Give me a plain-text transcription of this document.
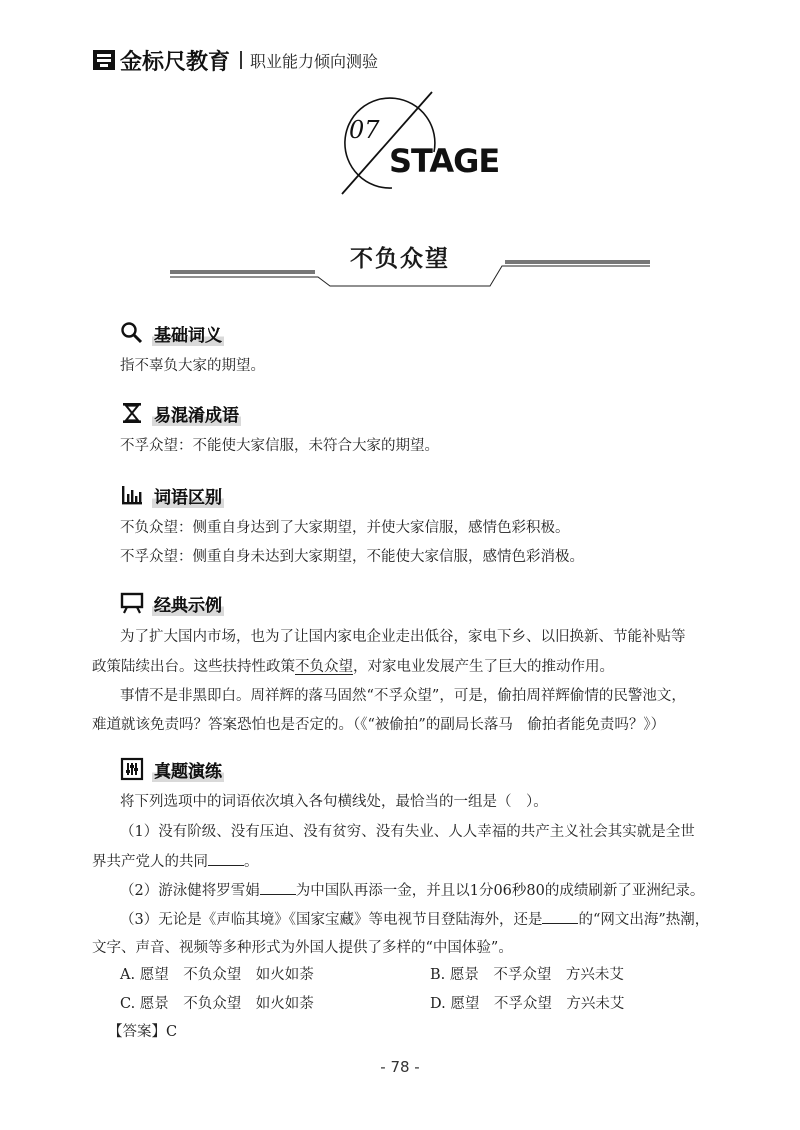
金标尺教育 职业能力倾向测验
07
STAGE
不负众望
基础词义
指不辜负大家的期望。
易混淆成语
不孚众望：不能使大家信服，未符合大家的期望。
词语区别
不负众望：侧重自身达到了大家期望，并使大家信服，感情色彩积极。
不孚众望：侧重自身未达到大家期望，不能使大家信服，感情色彩消极。
经典示例
为了扩大国内市场，也为了让国内家电企业走出低谷，家电下乡、以旧换新、节能补贴等
政策陆续出台。这些扶持性政策不负众望，对家电业发展产生了巨大的推动作用。
事情不是非黑即白。周祥辉的落马固然“不孚众望”，可是，偷拍周祥辉偷情的民警池文，
难道就该免责吗？答案恐怕也是否定的。（《“被偷拍”的副局长落马　偷拍者能免责吗？》）
真题演练
将下列选项中的词语依次填入各句横线处，最恰当的一组是（　）。
（1）没有阶级、没有压迫、没有贫穷、没有失业、人人幸福的共产主义社会其实就是全世
界共产党人的共同 。
（2）游泳健将罗雪娟 为中国队再添一金，并且以1分06秒80的成绩刷新了亚洲纪录。
（3）无论是《声临其境》《国家宝藏》等电视节目登陆海外，还是 的“网文出海”热潮，
文字、声音、视频等多种形式为外国人提供了多样的“中国体验”。
A. 愿望　不负众望　如火如荼	B. 愿景　不孚众望　方兴未艾
C. 愿景　不负众望　如火如荼	D. 愿望　不孚众望　方兴未艾
【答案】C
- 78 -
